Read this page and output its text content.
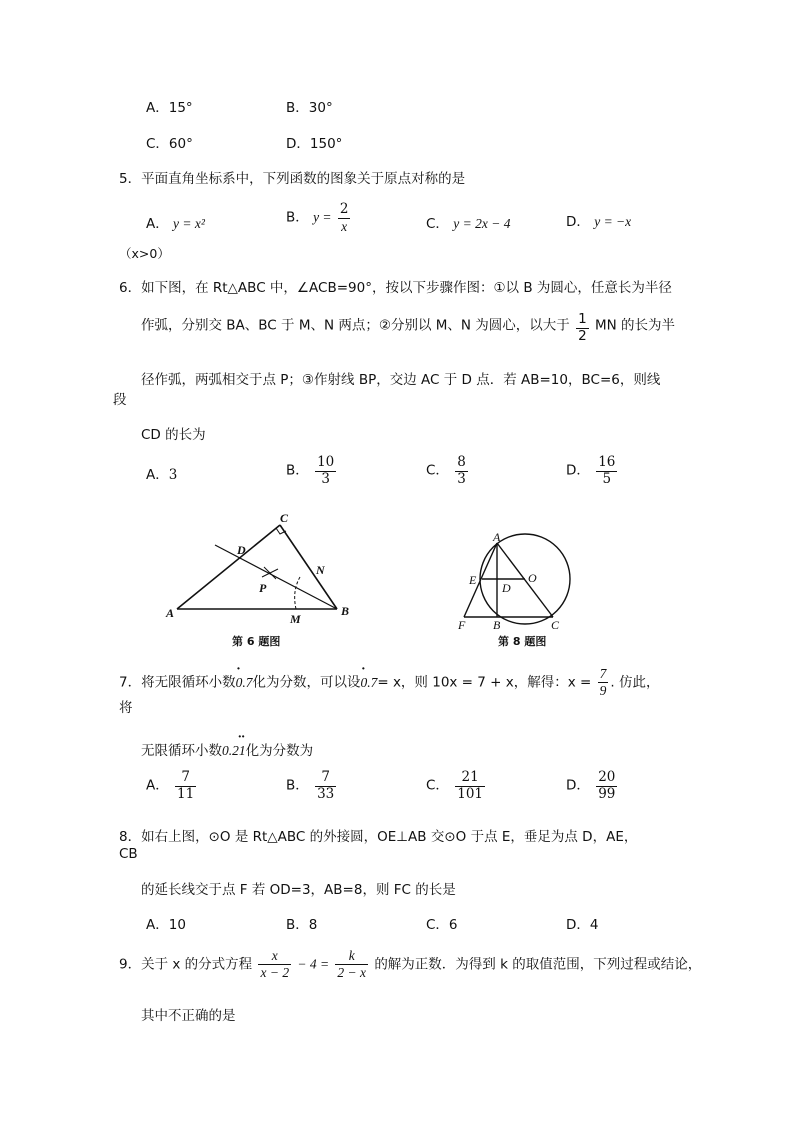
A．15°	B．30°
C．60°	D．150°
5．平面直角坐标系中，下列函数的图象关于原点对称的是
A． y = x²	B． $y = \frac{2}{x}$	C． y = 2x − 4	D． y = −x
（x>0）
6．如下图，在 Rt△ABC 中，∠ACB=90°，按以下步骤作图：①以 B 为圆心，任意长为半径
作弧，分别交 BA、BC 于 M、N 两点；②分别以 M、N 为圆心，以大于 $\frac{1}{2}$ MN 的长为半
径作弧，两弧相交于点 P；③作射线 BP，交边 AC 于 D 点．若 AB=10，BC=6，则线
段
CD 的长为
A．3	B． $\frac{10}{3}$	C． $\frac{8}{3}$	D． $\frac{16}{5}$
C
D
P
N
A	B
M
第 6 题图
A
E	O
D
F B	C
第 8 题图
7．将无限循环小数· 0.7化为分数，可以设· 0.7= x，则 10x = 7 + x，解得：$x = \frac{7}{9}$ . 仿此，
将
无限循环小数
··
0.21化为分数为
A． $\frac{7}{11}$	B． $\frac{7}{33}$	C． $\frac{21}{101}$	D． $\frac{20}{99}$
8．如右上图，⊙O 是 Rt△ABC 的外接圆，OE⊥AB 交⊙O 于点 E，垂足为点 D，AE，
CB
的延长线交于点 F 若 OD=3，AB=8，则 FC 的长是
A．10	B．8	C．6	D．4
9．关于 x 的分式方程 $\frac{x}{x - 2} - 4 = \frac{k}{2 - x}$ 的解为正数．为得到 k 的取值范围，下列过程或结论，
其中不正确的是
